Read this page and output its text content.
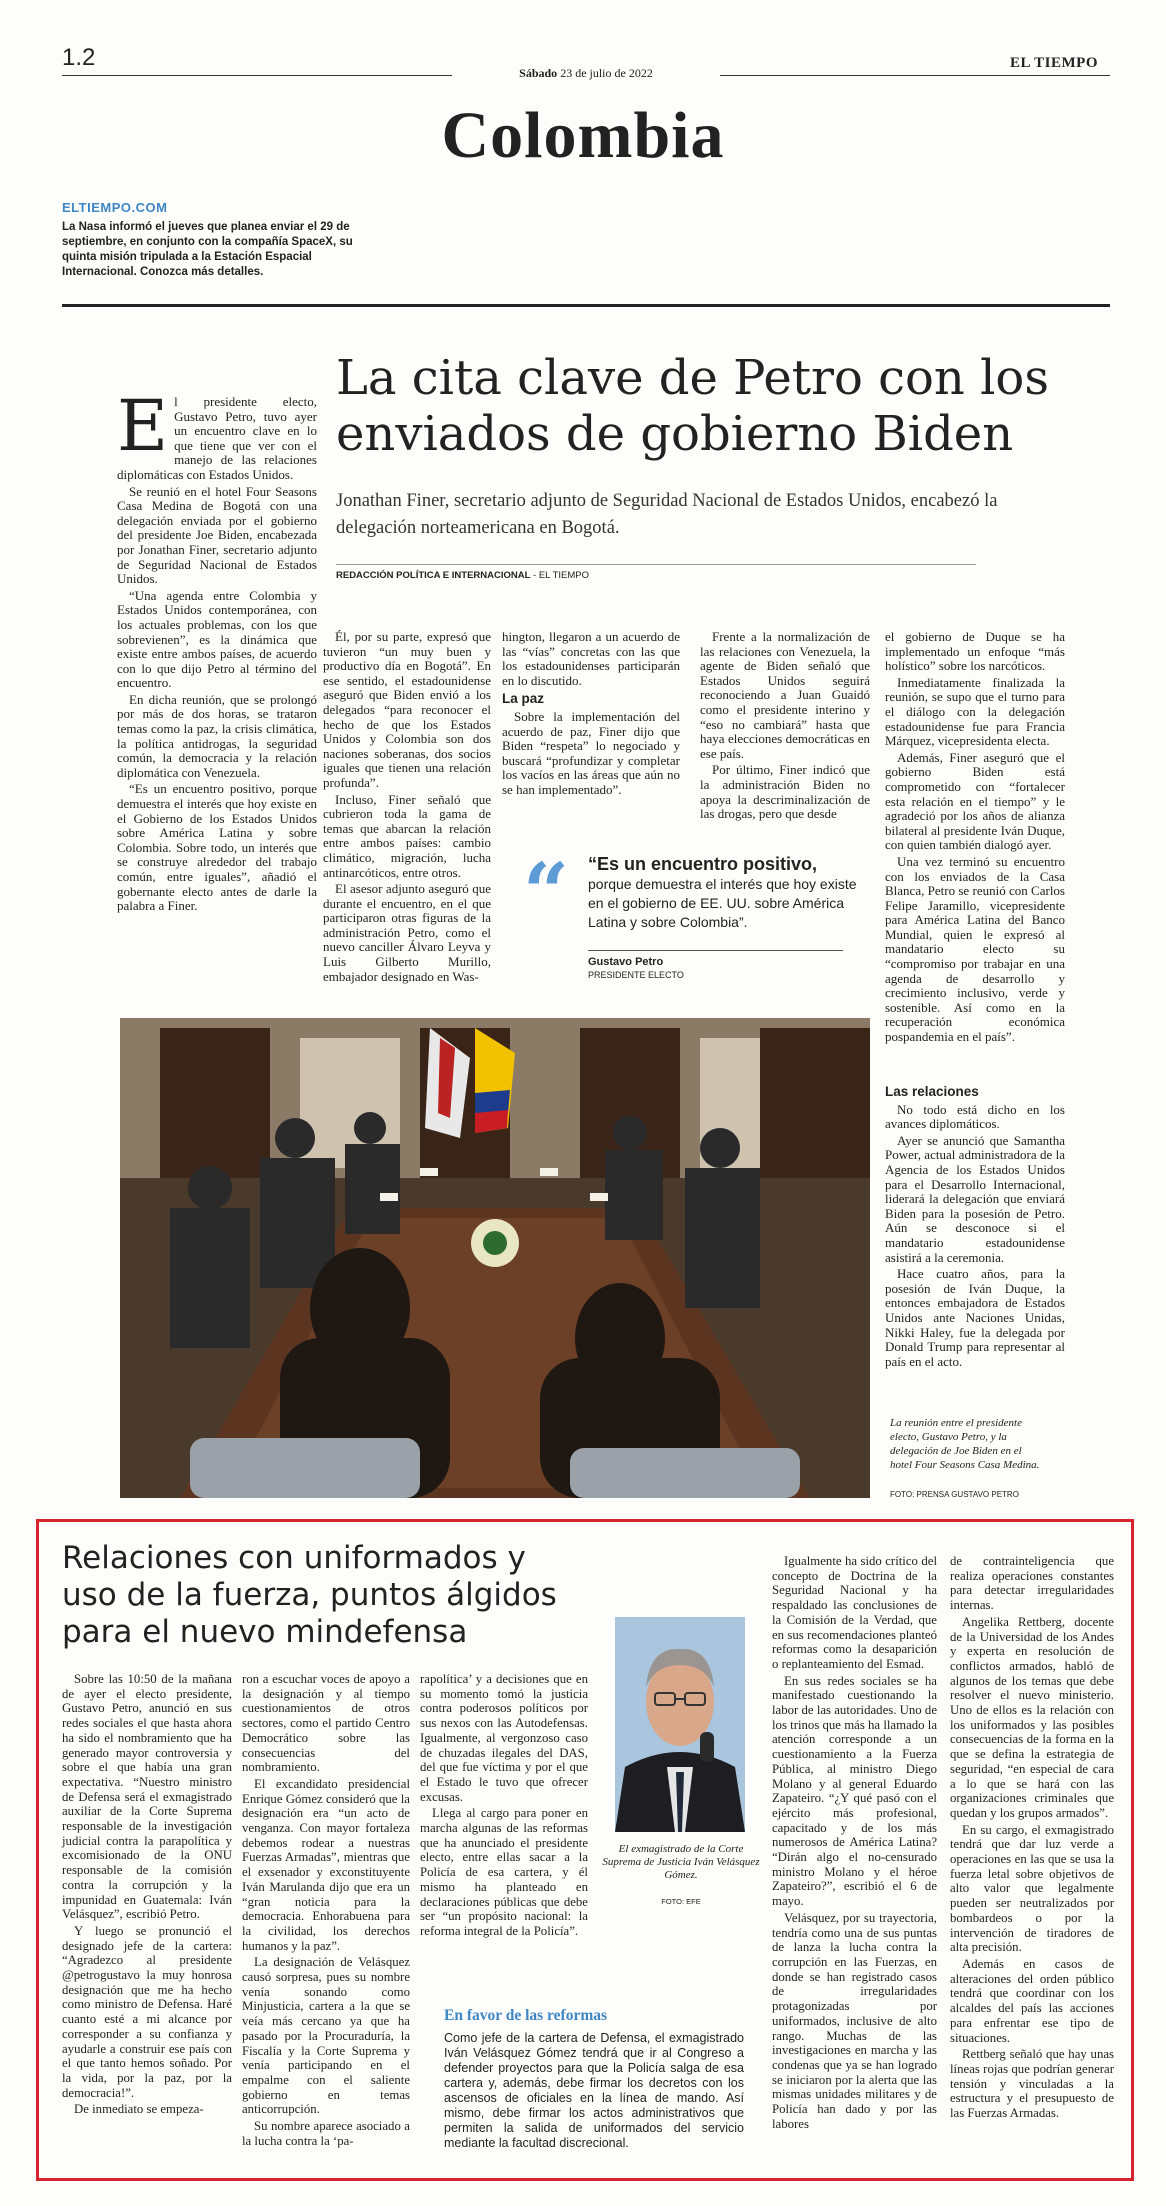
1.2
Sábado 23 de julio de 2022
EL TIEMPO
Colombia
ELTIEMPO.COM
La Nasa informó el jueves que planea enviar el 29 de septiembre, en conjunto con la compañía SpaceX, su quinta misión tripulada a la Estación Espacial Internacional. Conozca más detalles.
La cita clave de Petro con los enviados de gobierno Biden
Jonathan Finer, secretario adjunto de Seguridad Nacional de Estados Unidos, encabezó la delegación norteamericana en Bogotá.
REDACCIÓN POLÍTICA E INTERNACIONAL - EL TIEMPO

El presidente electo, Gustavo Petro, tuvo ayer un encuentro clave en lo que tiene que ver con el manejo de las relaciones diplomáticas con Estados Unidos.

Se reunió en el hotel Four Seasons Casa Medina de Bogotá con una delegación enviada por el gobierno del presidente Joe Biden, encabezada por Jonathan Finer, secretario adjunto de Seguridad Nacional de Estados Unidos.

“Una agenda entre Colombia y Estados Unidos contemporánea, con los actuales problemas, con los que sobrevienen”, es la dinámica que existe entre ambos países, de acuerdo con lo que dijo Petro al término del encuentro.

En dicha reunión, que se prolongó por más de dos horas, se trataron temas como la paz, la crisis climática, la política antidrogas, la seguridad común, la democracia y la relación diplomática con Venezuela.

“Es un encuentro positivo, porque demuestra el interés que hoy existe en el Gobierno de los Estados Unidos sobre América Latina y sobre Colombia. Sobre todo, un interés que se construye alrededor del trabajo común, entre iguales”, añadió el gobernante electo antes de darle la palabra a Finer.

Él, por su parte, expresó que tuvieron “un muy buen y productivo día en Bogotá”. En ese sentido, el estadounidense aseguró que Biden envió a los delegados “para reconocer el hecho de que los Estados Unidos y Colombia son dos naciones soberanas, dos socios iguales que tienen una relación profunda”.

Incluso, Finer señaló que cubrieron toda la gama de temas que abarcan la relación entre ambos países: cambio climático, migración, lucha antinarcóticos, entre otros.

El asesor adjunto aseguró que durante el encuentro, en el que participaron otras figuras de la administración Petro, como el nuevo canciller Álvaro Leyva y Luis Gilberto Murillo, embajador designado en Was-

hington, llegaron a un acuerdo de las “vías” concretas con las que los estadounidenses participarán en lo discutido.

La paz

Sobre la implementación del acuerdo de paz, Finer dijo que Biden “respeta” lo negociado y buscará “profundizar y completar los vacíos en las áreas que aún no se han implementado”.

Frente a la normalización de las relaciones con Venezuela, la agente de Biden señaló que Estados Unidos seguirá reconociendo a Juan Guaidó como el presidente interino y “eso no cambiará” hasta que haya elecciones democráticas en ese país.

Por último, Finer indicó que la administración Biden no apoya la descriminalización de las drogas, pero que desde

el gobierno de Duque se ha implementado un enfoque “más holístico” sobre los narcóticos.

Inmediatamente finalizada la reunión, se supo que el turno para el diálogo con la delegación estadounidense fue para Francia Márquez, vicepresidenta electa.

Además, Finer aseguró que el gobierno Biden está comprometido con “fortalecer esta relación en el tiempo” y le agradeció por los años de alianza bilateral al presidente Iván Duque, con quien también dialogó ayer.

Una vez terminó su encuentro con los enviados de la Casa Blanca, Petro se reunió con Carlos Felipe Jaramillo, vicepresidente para América Latina del Banco Mundial, quien le expresó al mandatario electo su “compromiso por trabajar en una agenda de desarrollo y crecimiento inclusivo, verde y sostenible. Así como en la recuperación económica pospandemia en el país”.

Las relaciones

No todo está dicho en los avances diplomáticos.

Ayer se anunció que Samantha Power, actual administradora de la Agencia de los Estados Unidos para el Desarrollo Internacional, liderará la delegación que enviará Biden para la posesión de Petro. Aún se desconoce si el mandatario estadounidense asistirá a la ceremonia.

Hace cuatro años, para la posesión de Iván Duque, la entonces embajadora de Estados Unidos ante Naciones Unidas, Nikki Haley, fue la delegada por Donald Trump para representar al país en el acto.

“ “Es un encuentro positivo, porque demuestra el interés que hoy existe en el gobierno de EE. UU. sobre América Latina y sobre Colombia”.
Gustavo Petro
PRESIDENTE ELECTO
La reunión entre el presidente electo, Gustavo Petro, y la delegación de Joe Biden en el hotel Four Seasons Casa Medina.
FOTO: PRENSA GUSTAVO PETRO
Relaciones con uniformados y uso de la fuerza, puntos álgidos para el nuevo mindefensa

Sobre las 10:50 de la mañana de ayer el electo presidente, Gustavo Petro, anunció en sus redes sociales el que hasta ahora ha sido el nombramiento que ha generado mayor controversia y sobre el que había una gran expectativa. “Nuestro ministro de Defensa será el exmagistrado auxiliar de la Corte Suprema responsable de la investigación judicial contra la parapolítica y excomisionado de la ONU responsable de la comisión contra la corrupción y la impunidad en Guatemala: Iván Velásquez”, escribió Petro.

Y luego se pronunció el designado jefe de la cartera: “Agradezco al presidente @petrogustavo la muy honrosa designación que me ha hecho como ministro de Defensa. Haré cuanto esté a mi alcance por corresponder a su confianza y ayudarle a construir ese país con el que tanto hemos soñado. Por la vida, por la paz, por la democracia!”.

De inmediato se empeza-

ron a escuchar voces de apoyo a la designación y al tiempo cuestionamientos de otros sectores, como el partido Centro Democrático sobre las consecuencias del nombramiento.

El excandidato presidencial Enrique Gómez consideró que la designación era “un acto de venganza. Con mayor fortaleza debemos rodear a nuestras Fuerzas Armadas”, mientras que el exsenador y exconstituyente Iván Marulanda dijo que era un “gran noticia para la democracia. Enhorabuena para la civilidad, los derechos humanos y la paz”.

La designación de Velásquez causó sorpresa, pues su nombre venía sonando como Minjusticia, cartera a la que se veía más cercano ya que ha pasado por la Procuraduría, la Fiscalía y la Corte Suprema y venía participando en el empalme con el saliente gobierno en temas anticorrupción.

Su nombre aparece asociado a la lucha contra la ‘pa-

rapolítica’ y a decisiones que en su momento tomó la justicia contra poderosos políticos por sus nexos con las Autodefensas. Igualmente, al vergonzoso caso de chuzadas ilegales del DAS, del que fue víctima y por el que el Estado le tuvo que ofrecer excusas.

Llega al cargo para poner en marcha algunas de las reformas que ha anunciado el presidente electo, entre ellas sacar a la Policía de esa cartera, y él mismo ha planteado en declaraciones públicas que debe ser “un propósito nacional: la reforma integral de la Policía”.

El exmagistrado de la Corte Suprema de Justicia Iván Velásquez Gómez.
FOTO: EFE
En favor de las reformas
Como jefe de la cartera de Defensa, el exmagistrado Iván Velásquez Gómez tendrá que ir al Congreso a defender proyectos para que la Policía salga de esa cartera y, además, debe firmar los decretos con los ascensos de oficiales en la línea de mando. Así mismo, debe firmar los actos administrativos que permiten la salida de uniformados del servicio mediante la facultad discrecional.

Igualmente ha sido crítico del concepto de Doctrina de la Seguridad Nacional y ha respaldado las conclusiones de la Comisión de la Verdad, que en sus recomendaciones planteó reformas como la desaparición o replanteamiento del Esmad.

En sus redes sociales se ha manifestado cuestionando la labor de las autoridades. Uno de los trinos que más ha llamado la atención corresponde a un cuestionamiento a la Fuerza Pública, al ministro Diego Molano y al general Eduardo Zapateiro. “¿Y qué pasó con el ejército más profesional, capacitado y de los más numerosos de América Latina? “Dirán algo el no-censurado ministro Molano y el héroe Zapateiro?”, escribió el 6 de mayo.

Velásquez, por su trayectoria, tendría como una de sus puntas de lanza la lucha contra la corrupción en las Fuerzas, en donde se han registrado casos de irregularidades protagonizadas por uniformados, inclusive de alto rango. Muchas de las investigaciones en marcha y las condenas que ya se han logrado se iniciaron por la alerta que las mismas unidades militares y de Policía han dado y por las labores

de contrainteligencia que realiza operaciones constantes para detectar irregularidades internas.

Angelika Rettberg, docente de la Universidad de los Andes y experta en resolución de conflictos armados, habló de algunos de los temas que debe resolver el nuevo ministerio. Uno de ellos es la relación con los uniformados y las posibles consecuencias de la forma en la que se defina la estrategia de seguridad, “en especial de cara a lo que se hará con las organizaciones criminales que quedan y los grupos armados”.

En su cargo, el exmagistrado tendrá que dar luz verde a operaciones en las que se usa la fuerza letal sobre objetivos de alto valor que legalmente pueden ser neutralizados por bombardeos o por la intervención de tiradores de alta precisión.

Además en casos de alteraciones del orden público tendrá que coordinar con los alcaldes del país las acciones para enfrentar ese tipo de situaciones.

Rettberg señaló que hay unas líneas rojas que podrían generar tensión y vinculadas a la estructura y el presupuesto de las Fuerzas Armadas.
